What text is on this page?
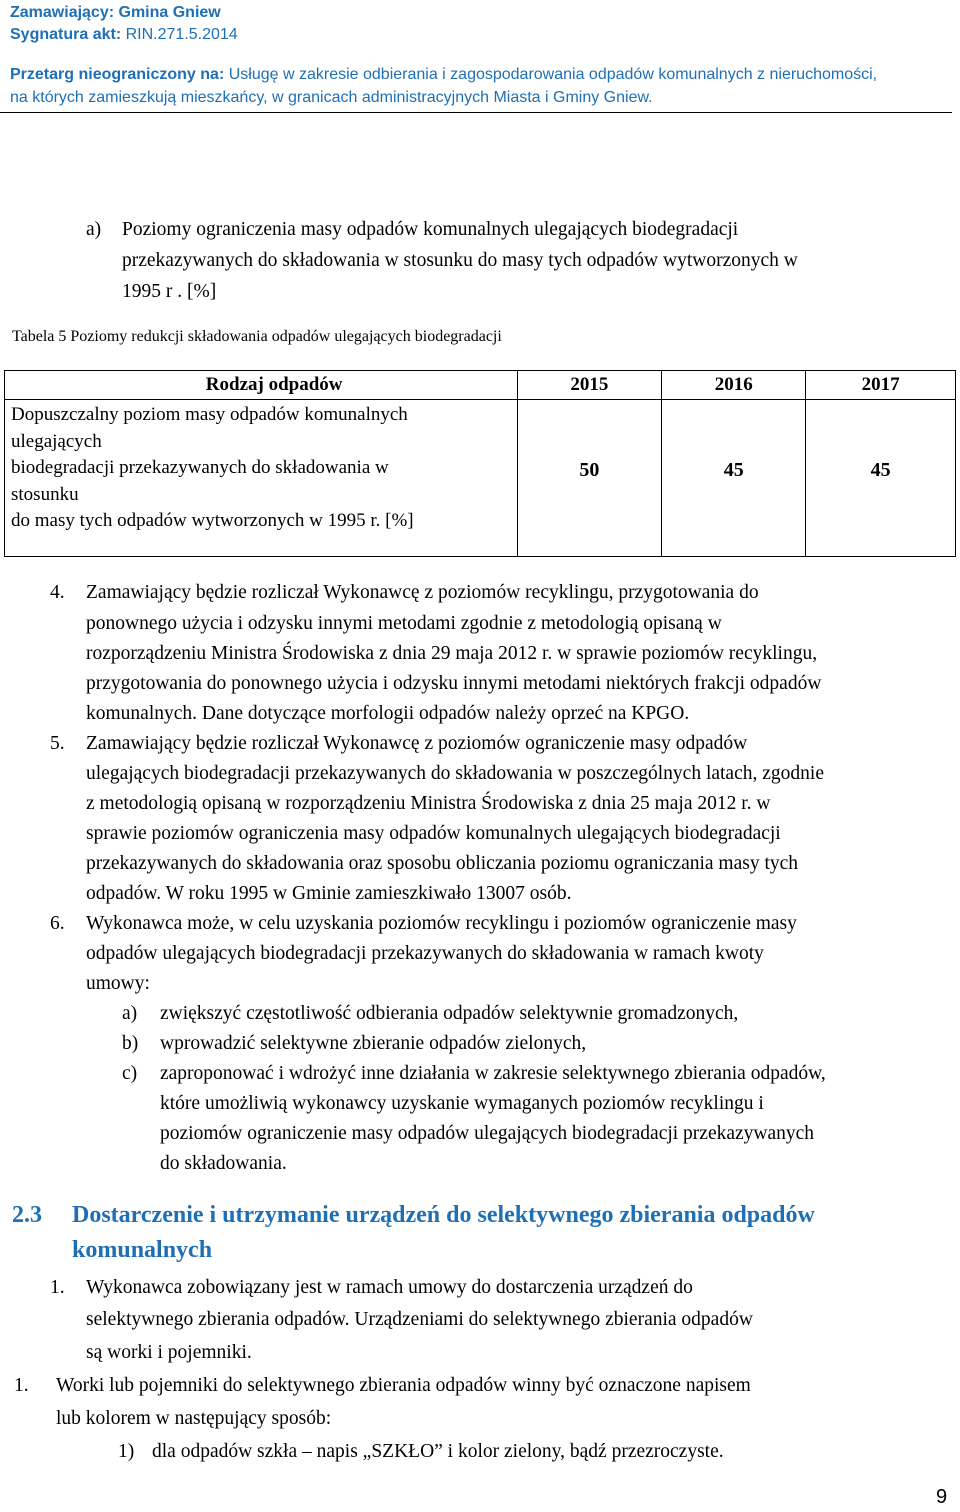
Zamawiający: Gmina Gniew
Sygnatura akt: RIN.271.5.2014
Przetarg nieograniczony na: Usługę w zakresie odbierania i zagospodarowania odpadów komunalnych z nieruchomości,
na których zamieszkują mieszkańcy, w granicach administracyjnych Miasta i Gminy Gniew.
a) Poziomy ograniczenia masy odpadów komunalnych ulegających biodegradacji
przekazywanych do składowania w stosunku do masy tych odpadów wytworzonych w
1995 r . [%]
Tabela 5 Poziomy redukcji składowania odpadów ulegających biodegradacji
Rodzaj odpadów	2015	2016	2017

Dopuszczalny poziom masy odpadów komunalnych
ulegających
biodegradacji przekazywanych do składowania w
stosunku
do masy tych odpadów wytworzonych w 1995 r. [%]	50	45	45
4. Zamawiający będzie rozliczał Wykonawcę z poziomów recyklingu, przygotowania do
ponownego użycia i odzysku innymi metodami zgodnie z metodologią opisaną w
rozporządzeniu Ministra Środowiska z dnia 29 maja 2012 r. w sprawie poziomów recyklingu,
przygotowania do ponownego użycia i odzysku innymi metodami niektórych frakcji odpadów
komunalnych. Dane dotyczące morfologii odpadów należy oprzeć na KPGO.
5. Zamawiający będzie rozliczał Wykonawcę z poziomów ograniczenie masy odpadów
ulegających biodegradacji przekazywanych do składowania w poszczególnych latach, zgodnie
z metodologią opisaną w rozporządzeniu Ministra Środowiska z dnia 25 maja 2012 r. w
sprawie poziomów ograniczenia masy odpadów komunalnych ulegających biodegradacji
przekazywanych do składowania oraz sposobu obliczania poziomu ograniczania masy tych
odpadów. W roku 1995 w Gminie zamieszkiwało 13007 osób.
6. Wykonawca może, w celu uzyskania poziomów recyklingu i poziomów ograniczenie masy
odpadów ulegających biodegradacji przekazywanych do składowania w ramach kwoty
umowy:
a) zwiększyć częstotliwość odbierania odpadów selektywnie gromadzonych,
b) wprowadzić selektywne zbieranie odpadów zielonych,
c) zaproponować i wdrożyć inne działania w zakresie selektywnego zbierania odpadów,
które umożliwią wykonawcy uzyskanie wymaganych poziomów recyklingu i
poziomów ograniczenie masy odpadów ulegających biodegradacji przekazywanych
do składowania.
2.3 Dostarczenie i utrzymanie urządzeń do selektywnego zbierania odpadów
komunalnych
1. Wykonawca zobowiązany jest w ramach umowy do dostarczenia urządzeń do
selektywnego zbierania odpadów. Urządzeniami do selektywnego zbierania odpadów
są worki i pojemniki.
1. Worki lub pojemniki do selektywnego zbierania odpadów winny być oznaczone napisem
lub kolorem w następujący sposób:
1) dla odpadów szkła – napis „SZKŁO” i kolor zielony, bądź przezroczyste.
9
